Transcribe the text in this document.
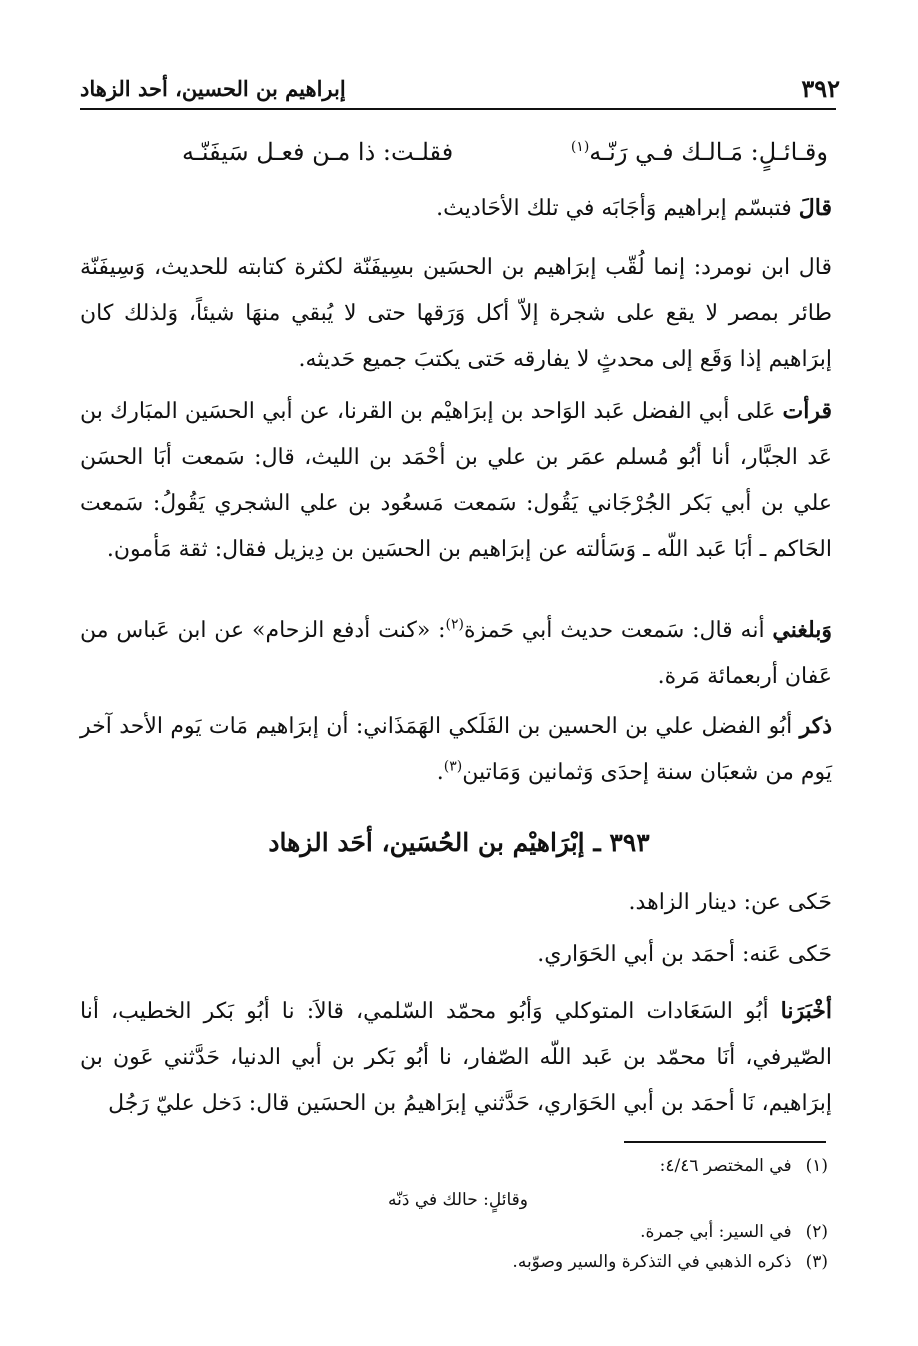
٣٩٢
إبراهيم بن الحسين، أحد الزهاد
وقـائـلٍ: مَـالـك فـي رَنّـه$^{(١)}$
فقلـت: ذا مـن فعـل سَيفَنّـه
قالَ فتبسّم إبراهيم وَأجَابَه في تلك الأحَاديث.
قال ابن نومرد: إنما لُقّب إبرَاهيم بن الحسَين بسِيفَنّة لكثرة كتابته للحديث، وَسِيفَنّة طائر بمصر لا يقع على شجرة إلاّ أكل وَرَقها حتى لا يُبقي منهَا شيئاً، وَلذلك كان إبرَاهيم إذا وَقَع إلى محدثٍ لا يفارقه حَتى يكتبَ جميع حَديثه.
قرأت عَلى أبي الفضل عَبد الوَاحد بن إبرَاهيْم بن القرنا، عن أبي الحسَين المبَارك بن عَد الجبَّار، أنا أبُو مُسلم عمَر بن علي بن أحْمَد بن الليث، قال: سَمعت أبَا الحسَن علي بن أبي بَكر الجُرْجَاني يَقُول: سَمعت مَسعُود بن علي الشجري يَقُولُ: سَمعت الحَاكم ـ أبَا عَبد اللّه ـ وَسَألته عن إبرَاهيم بن الحسَين بن دِيزيل فقال: ثقة مَأمون.
وَبلغني أنه قال: سَمعت حديث أبي حَمزة$^{(٢)}$: «كنت أدفع الزحام» عن ابن عَباس من عَفان أربعمائة مَرة.
ذكر أبُو الفضل علي بن الحسين بن الفَلَكي الهَمَذَاني: أن إبرَاهيم مَات يَوم الأحد آخر يَوم من شعبَان سنة إحدَى وَثمانين وَمَاتين$^{(٣)}$.
٣٩٣ ـ إبْرَاهيْم بن الحُسَين، أحَد الزهاد
حَكى عن: دينار الزاهد.
حَكى عَنه: أحمَد بن أبي الحَوَاري.
أخْبَرَنا أبُو السَعَادات المتوكلي وَأبُو محمّد السّلمي، قالاَ: نا أبُو بَكر الخطيب، أنا الصّيرفي، أنَا محمّد بن عَبد اللّه الصّفار، نا أبُو بَكر بن أبي الدنيا، حَدَّثني عَون بن إبرَاهيم، نَا أحمَد بن أبي الحَوَاري، حَدَّثني إبرَاهيمُ بن الحسَين قال: دَخل عليّ رَجُل
(١)في المختصر ٤/٤٦:
وقائلٍ: حالك في دَنّه
(٢)في السير: أبي جمرة.
(٣)ذكره الذهبي في التذكرة والسير وصوّبه.
